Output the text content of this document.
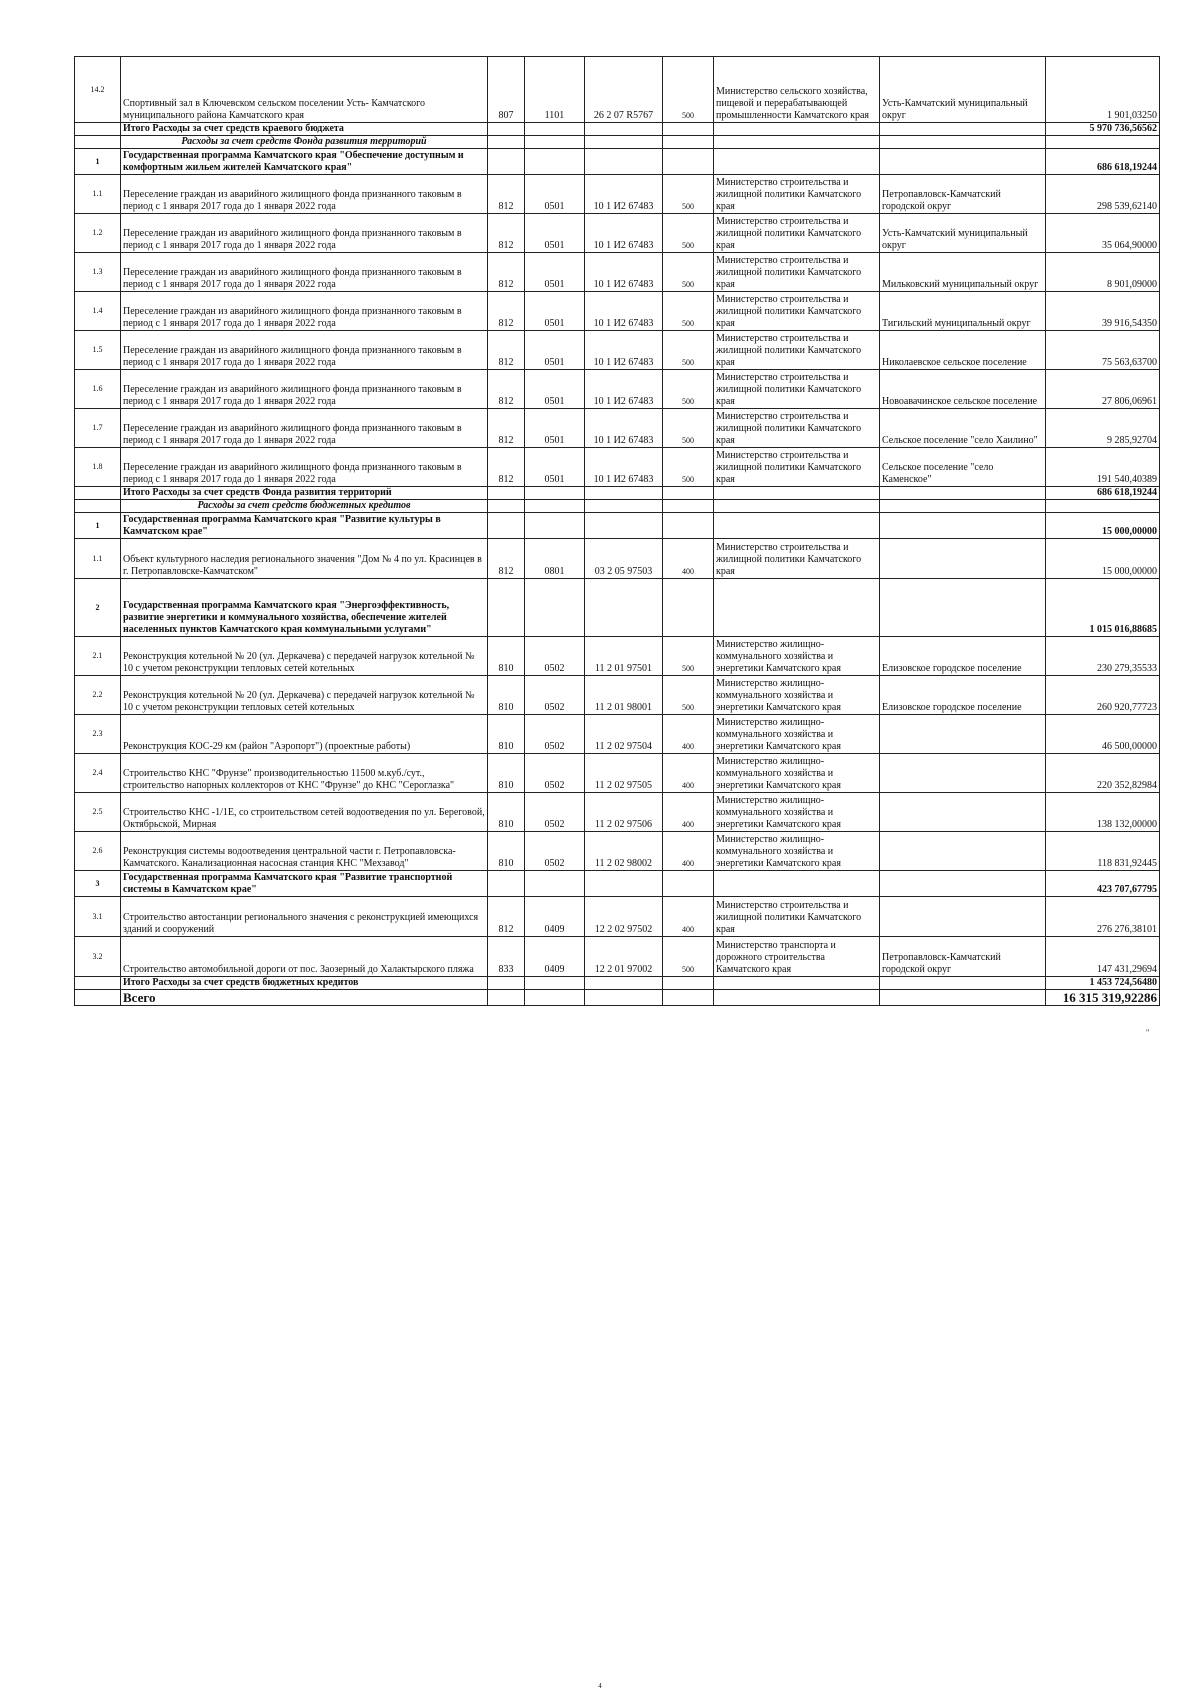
14.2	Спортивный зал в Ключевском сельском поселении Усть- Камчатского муниципального района Камчатского края	807	1101	26 2 07 R5767	500	Министерство сельского хозяйства, пищевой и перерабатывающей промышленности Камчатского края	Усть-Камчатский муниципальный округ	1 901,03250
	Итого Расходы за счет средств краевого бюджета							5 970 736,56562
	Расходы за счет средств Фонда развития территорий							
1	Государственная программа Камчатского края "Обеспечение доступным и комфортным жильем жителей Камчатского края"							686 618,19244
1.1	Переселение граждан из аварийного жилищного фонда признанного таковым в период с 1 января 2017 года до 1 января 2022 года	812	0501	10 1 И2 67483	500	Министерство строительства и жилищной политики Камчатского края	Петропавловск-Камчатский городской округ	298 539,62140
1.2	Переселение граждан из аварийного жилищного фонда признанного таковым в период с 1 января 2017 года до 1 января 2022 года	812	0501	10 1 И2 67483	500	Министерство строительства и жилищной политики Камчатского края	Усть-Камчатский муниципальный округ	35 064,90000
1.3	Переселение граждан из аварийного жилищного фонда признанного таковым в период с 1 января 2017 года до 1 января 2022 года	812	0501	10 1 И2 67483	500	Министерство строительства и жилищной политики Камчатского края	Мильковский муниципальный округ	8 901,09000
1.4	Переселение граждан из аварийного жилищного фонда признанного таковым в период с 1 января 2017 года до 1 января 2022 года	812	0501	10 1 И2 67483	500	Министерство строительства и жилищной политики Камчатского края	Тигильский муниципальный округ	39 916,54350
1.5	Переселение граждан из аварийного жилищного фонда признанного таковым в период с 1 января 2017 года до 1 января 2022 года	812	0501	10 1 И2 67483	500	Министерство строительства и жилищной политики Камчатского края	Николаевское сельское поселение	75 563,63700
1.6	Переселение граждан из аварийного жилищного фонда признанного таковым в период с 1 января 2017 года до 1 января 2022 года	812	0501	10 1 И2 67483	500	Министерство строительства и жилищной политики Камчатского края	Новоавачинское сельское поселение	27 806,06961
1.7	Переселение граждан из аварийного жилищного фонда признанного таковым в период с 1 января 2017 года до 1 января 2022 года	812	0501	10 1 И2 67483	500	Министерство строительства и жилищной политики Камчатского края	Сельское поселение "село Хаилино"	9 285,92704
1.8	Переселение граждан из аварийного жилищного фонда признанного таковым в период с 1 января 2017 года до 1 января 2022 года	812	0501	10 1 И2 67483	500	Министерство строительства и жилищной политики Камчатского края	Сельское поселение "село Каменское"	191 540,40389
	Итого Расходы за счет средств Фонда развития территорий							686 618,19244
	Расходы за счет средств бюджетных кредитов							
1	Государственная программа Камчатского края "Развитие культуры в Камчатском крае"							15 000,00000
1.1	Объект культурного наследия регионального значения "Дом № 4 по ул. Красинцев в г. Петропавловске-Камчатском"	812	0801	03 2 05 97503	400	Министерство строительства и жилищной политики Камчатского края		15 000,00000
2	Государственная программа Камчатского края "Энергоэффективность, развитие энергетики и коммунального хозяйства, обеспечение жителей населенных пунктов Камчатского края коммунальными услугами"							1 015 016,88685
2.1	Реконструкция котельной № 20 (ул. Деркачева) с передачей нагрузок котельной № 10 с учетом реконструкции тепловых сетей котельных	810	0502	11 2 01 97501	500	Министерство жилищно-коммунального хозяйства и энергетики Камчатского края	Елизовское городское поселение	230 279,35533
2.2	Реконструкция котельной № 20 (ул. Деркачева) с передачей нагрузок котельной № 10 с учетом реконструкции тепловых сетей котельных	810	0502	11 2 01 98001	500	Министерство жилищно-коммунального хозяйства и энергетики Камчатского края	Елизовское городское поселение	260 920,77723
2.3	Реконструкция КОС-29 км (район "Аэропорт") (проектные работы)	810	0502	11 2 02 97504	400	Министерство жилищно-коммунального хозяйства и энергетики Камчатского края		46 500,00000
2.4	Строительство КНС "Фрунзе" производительностью 11500 м.куб./сут., строительство напорных коллекторов от КНС "Фрунзе" до КНС "Сероглазка"	810	0502	11 2 02 97505	400	Министерство жилищно-коммунального хозяйства и энергетики Камчатского края		220 352,82984
2.5	Строительство КНС -1/1Е, со строительством сетей водоотведения по ул. Береговой, Октябрьской, Мирная	810	0502	11 2 02 97506	400	Министерство жилищно-коммунального хозяйства и энергетики Камчатского края		138 132,00000
2.6	Реконструкция системы водоотведения центральной части г. Петропавловска-Камчатского. Канализационная насосная станция КНС "Мехзавод"	810	0502	11 2 02 98002	400	Министерство жилищно-коммунального хозяйства и энергетики Камчатского края		118 831,92445
3	Государственная программа Камчатского края "Развитие транспортной системы в Камчатском крае"							423 707,67795
3.1	Строительство автостанции регионального значения с реконструкцией имеющихся зданий и сооружений	812	0409	12 2 02 97502	400	Министерство строительства и жилищной политики Камчатского края		276 276,38101
3.2	Строительство автомобильной дороги от пос. Заозерный до Халактырского пляжа	833	0409	12 2 01 97002	500	Министерство транспорта и дорожного строительства Камчатского края	Петропавловск-Камчатский городской округ	147 431,29694
	Итого Расходы за счет средств бюджетных кредитов							1 453 724,56480
	Всего							16 315 319,92286
"
4
